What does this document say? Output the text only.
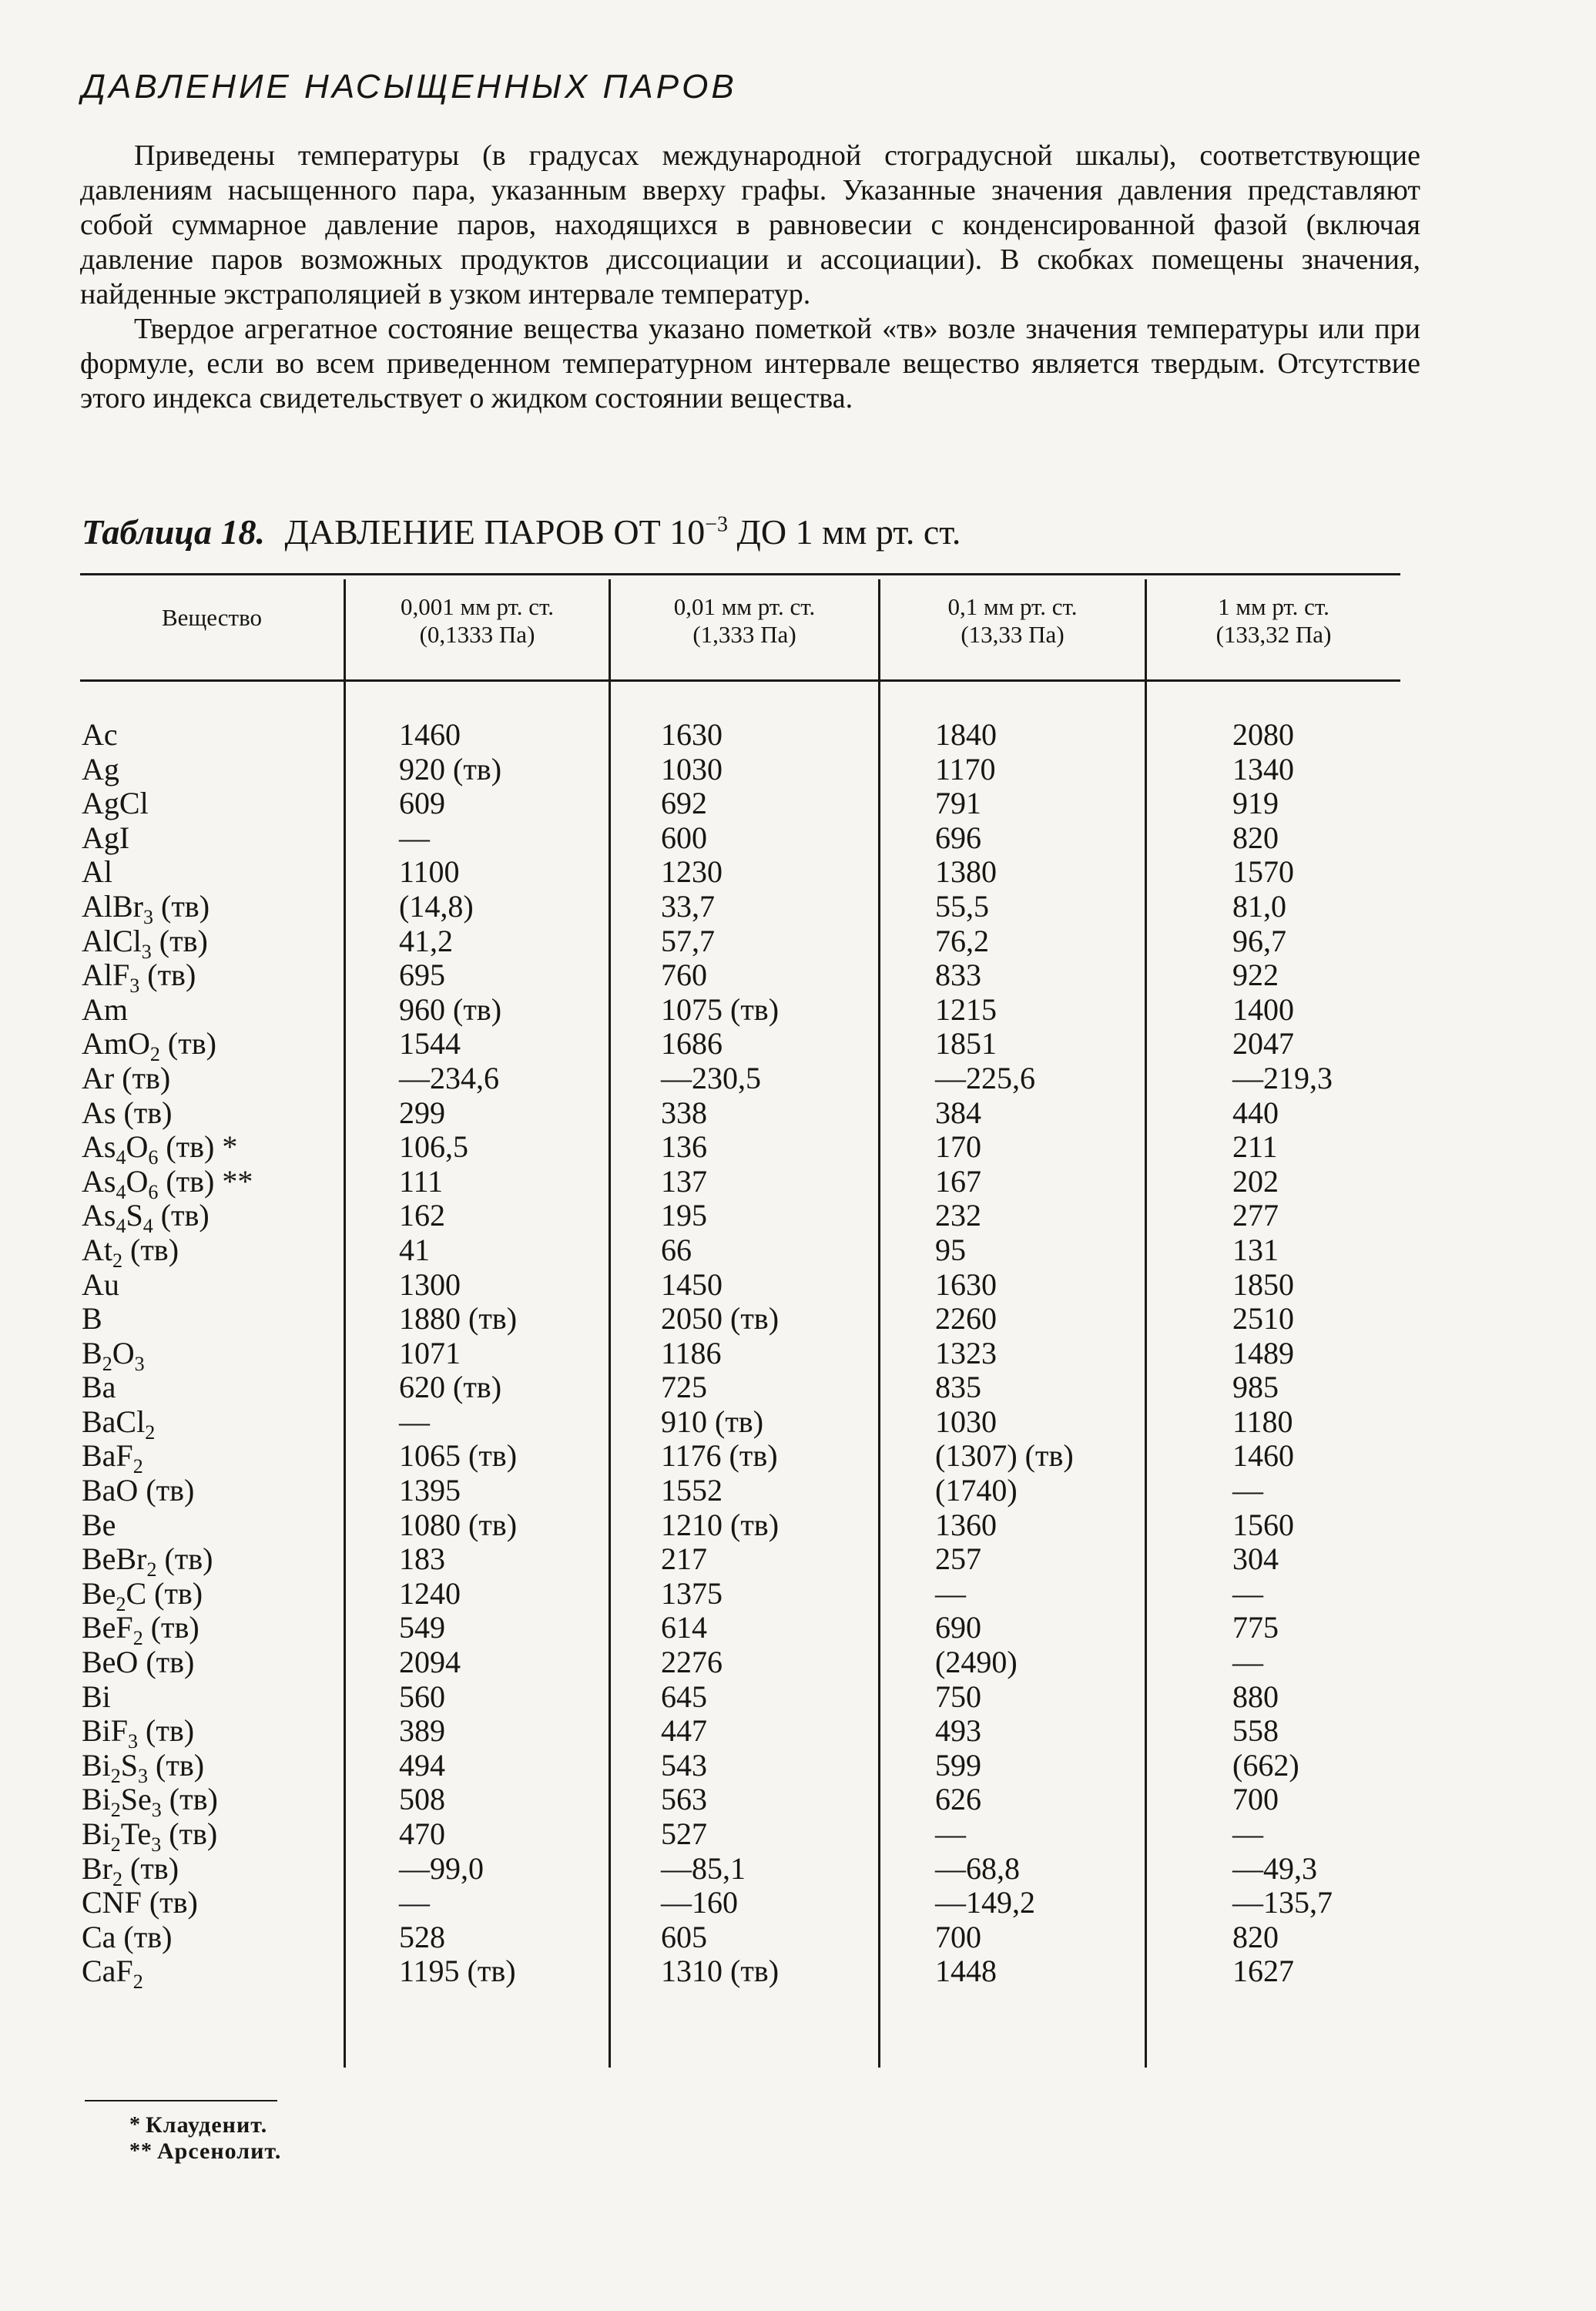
ДАВЛЕНИЕ НАСЫЩЕННЫХ ПАРОВ

Приведены температуры (в градусах международной стоградусной шкалы), соответствующие давлениям насыщенного пара, указанным вверху графы. Указанные значения давления представляют собой суммарное давление паров, находящихся в равновесии с конденсированной фазой (включая давление паров возможных продуктов диссоциации и ассоциации). В скобках помещены значения, найденные экстраполяцией в узком интервале температур.

Твердое агрегатное состояние вещества указано пометкой «тв» возле значения температуры или при формуле, если во всем приведенном температурном интервале вещество является твердым. Отсутствие этого индекса свидетельствует о жидком состоянии вещества.

Таблица 18. ДАВЛЕНИЕ ПАРОВ ОТ $10^{-3}$ ДО 1 мм рт. ст.
Вещество	0,001 мм рт. ст.
(0,1333 Па)
0,01 мм рт. ст.
(1,333 Па)
0,1 мм рт. ст.
(13,33 Па)
1 мм рт. ст.
(133,32 Па)
Ac
Ag
AgCl
AgI
Al
AlBr$_3$ (тв)
AlCl$_3$ (тв)
AlF$_3$ (тв)
Am
AmO$_2$ (тв)
Ar (тв)
As (тв)
$As_4O_6$ (тв) *
$As_4O_6$ (тв) **
$As_4S_4$ (тв)
$At_2$ (тв)
Au
B
$B_2O_3$
Ba
BaCl$_2$
BaF$_2$
BaO (тв)
Be
BeBr$_2$ (тв)
$Be_2C$ (тв)
BeF$_2$ (тв)
BeO (тв)
Bi
BiF$_3$ (тв)
$Bi_2S_3$ (тв)
$Bi_2Se_3$ (тв)
$Bi_2Te_3$ (тв)
$Br_2$ (тв)
CNF (тв)
Ca (тв)
CaF$_2$
1460
920 (тв)
609
—
1100
(14,8)
41,2
695
960 (тв)
1544
—234,6
299
106,5
111
162
41
1300
1880 (тв)
1071
620 (тв)
—
1065 (тв)
1395
1080 (тв)
183
1240
549
2094
560
389
494
508
470
—99,0
—
528
1195 (тв)
1630
1030
692
600
1230
33,7
57,7
760
1075 (тв)
1686
—230,5
338
136
137
195
66
1450
2050 (тв)
1186
725
910 (тв)
1176 (тв)
1552
1210 (тв)
217
1375
614
2276
645
447
543
563
527
—85,1
—160
605
1310 (тв)
1840
1170
791
696
1380
55,5
76,2
833
1215
1851
—225,6
384
170
167
232
95
1630
2260
1323
835
1030
(1307) (тв)
(1740)
1360
257
—
690
(2490)
750
493
599
626
—
—68,8
—149,2
700
1448
2080
1340
919
820
1570
81,0
96,7
922
1400
2047
—219,3
440
211
202
277
131
1850
2510
1489
985
1180
1460
—
1560
304
—
775
—
880
558
(662)
700
—
—49,3
—135,7
820
1627
* Клауденит.
** Арсенолит.
